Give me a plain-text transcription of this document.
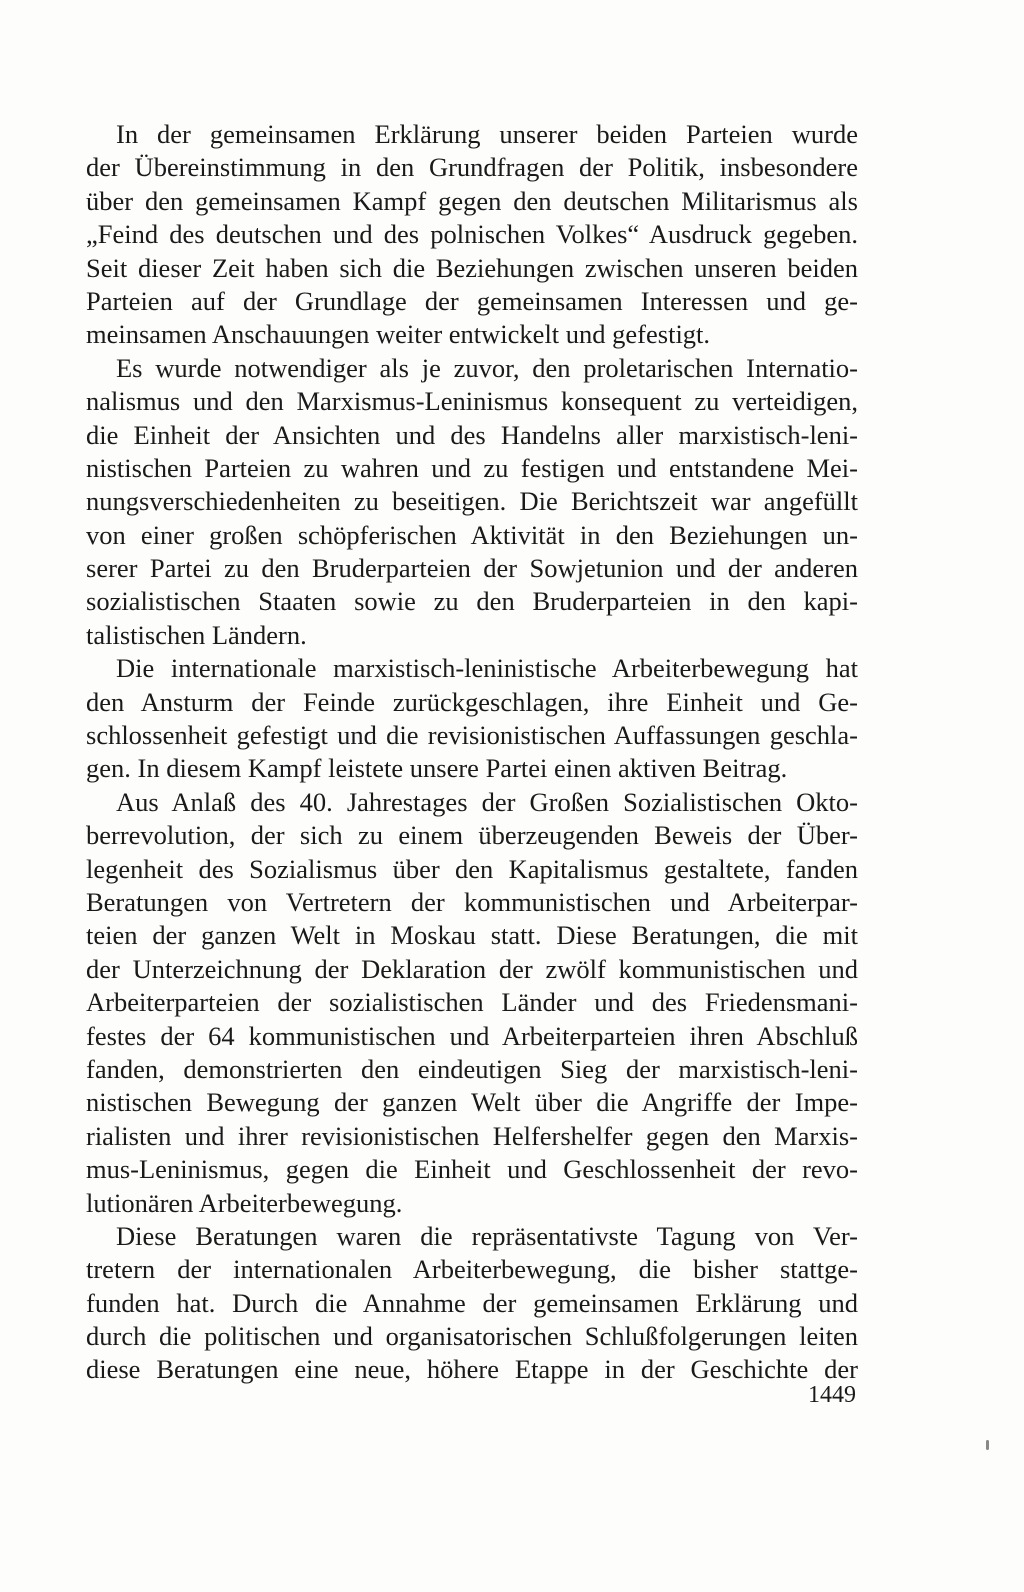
In der gemeinsamen Erklärung unserer beiden Parteien wurde
der Übereinstimmung in den Grundfragen der Politik, insbesondere
über den gemeinsamen Kampf gegen den deutschen Militarismus als
„Feind des deutschen und des polnischen Volkes“ Ausdruck gegeben.
Seit dieser Zeit haben sich die Beziehungen zwischen unseren beiden
Parteien auf der Grundlage der gemeinsamen Interessen und ge-
meinsamen Anschauungen weiter entwickelt und gefestigt.

Es wurde notwendiger als je zuvor, den proletarischen Internatio-
nalismus und den Marxismus-Leninismus konsequent zu verteidigen,
die Einheit der Ansichten und des Handelns aller marxistisch-leni-
nistischen Parteien zu wahren und zu festigen und entstandene Mei-
nungsverschiedenheiten zu beseitigen. Die Berichtszeit war angefüllt
von einer großen schöpferischen Aktivität in den Beziehungen un-
serer Partei zu den Bruderparteien der Sowjetunion und der anderen
sozialistischen Staaten sowie zu den Bruderparteien in den kapi-
talistischen Ländern.

Die internationale marxistisch-leninistische Arbeiterbewegung hat
den Ansturm der Feinde zurückgeschlagen, ihre Einheit und Ge-
schlossenheit gefestigt und die revisionistischen Auffassungen geschla-
gen. In diesem Kampf leistete unsere Partei einen aktiven Beitrag.

Aus Anlaß des 40. Jahrestages der Großen Sozialistischen Okto-
berrevolution, der sich zu einem überzeugenden Beweis der Über-
legenheit des Sozialismus über den Kapitalismus gestaltete, fanden
Beratungen von Vertretern der kommunistischen und Arbeiterpar-
teien der ganzen Welt in Moskau statt. Diese Beratungen, die mit
der Unterzeichnung der Deklaration der zwölf kommunistischen und
Arbeiterparteien der sozialistischen Länder und des Friedensmani-
festes der 64 kommunistischen und Arbeiterparteien ihren Abschluß
fanden, demonstrierten den eindeutigen Sieg der marxistisch-leni-
nistischen Bewegung der ganzen Welt über die Angriffe der Impe-
rialisten und ihrer revisionistischen Helfershelfer gegen den Marxis-
mus-Leninismus, gegen die Einheit und Geschlossenheit der revo-
lutionären Arbeiterbewegung.

Diese Beratungen waren die repräsentativste Tagung von Ver-
tretern der internationalen Arbeiterbewegung, die bisher stattge-
funden hat. Durch die Annahme der gemeinsamen Erklärung und
durch die politischen und organisatorischen Schlußfolgerungen leiten
diese Beratungen eine neue, höhere Etappe in der Geschichte der

1449
